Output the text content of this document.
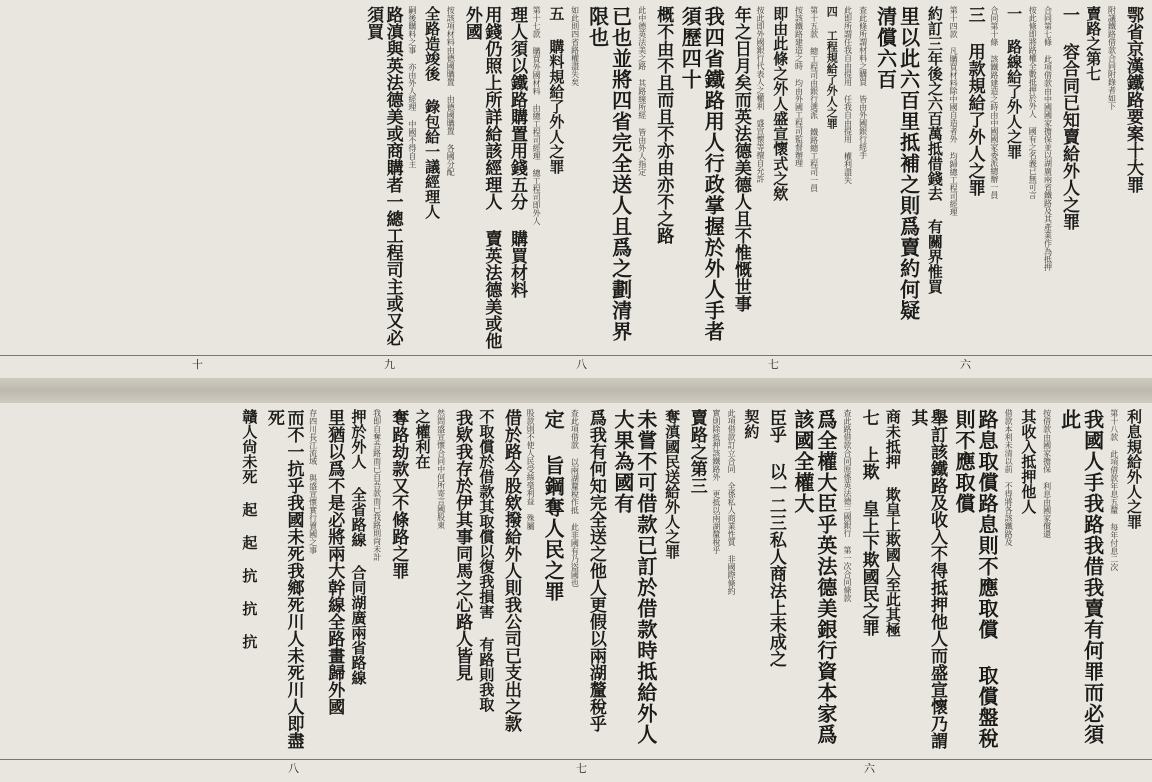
鄂省京漢鐵路要案十大罪
附議鐵路借款合同附錄者如下
賣路之第七
一 容合同已知賣給外人之罪
合同第七條 此項借款由中國國家擔保並以湖廣兩省鐵路及其產業作為抵押
按此條即將路權全數抵押於外人 國有之名義已無可言
一 路線給了外人之罪
合同第十條 該鐵路建造之時由中國國家委派總辦一員
三 用款規給了外人之罪
第十四款 凡購買材料除中國自造者外 均歸總工程司經理
約訂三年後之六百萬抵借錢去 有關界惟買
里以此六百里抵補之則爲賣約何疑 清償六百
查此條所謂材料之購買 皆由外國銀行經手
此即所謂任我自由提用 任我自由提用 權利盡失
四 工程規給了外人之罪
第十五款 總工程司由銀行選派 鐵路總工程司一員
按該鐵路建造之時 均由外國工程司監督辦理
即由此條之外人盛宣懷式之欸
按此即外國銀行代表人之權利 盛宣懷等擅自允許
年之日月矣而英法德美德人且不惟慨世事
我四省鐵路用人行政掌握於外人手者須歷四十
概不由不且而且不亦由亦不之路
此中德英法美之路 其路線所經 皆由外人指定
已也並將四省完全送人且爲之劃清界限也
如此則四省路權盡失矣
五 購料規給了外人之罪
第十七款 購買外國材料 由總工程司經理 總工程司即外人
理人須以鐵路購置用錢五分 購買材料
用錢仍照上所詳給該經理人 賣英法德美或他外國
按該項材料由德國購置 由德國購置 各國分配
全路造竣後 錄包給一議經理人
嗣後購料之事 亦由外人經理 中國不得自主
路滇與英法德美或商購者一總工程司主或又必須買
十	九	八	七	六
利息規給外人之罪
第十八款 此項借款年息五釐 每年付息二次
我國人手我路我借我賣有何罪而必須此
按借款由國家擔保 利息由國家償還
其收入抵押他人
借款本利未清以前 不得將各該鐵路及
路息取償路息則不應取償 取償盤稅則不應取償
舉訂該鐵路及收入不得抵押他人而盛宣懷乃謂其
商未抵押 欺皇上欺國人至此其極
七 上欺 皇上下欺國民之罪
查此路借款合同原係英法德三國銀行 第一次合同條款
爲全權大臣乎英法德美銀行資本家爲該國全權大
臣乎 以一二三私人商法上未成之
契約
此項借款訂立合同 全係私人商業性質 非國際條約
實則除抵押該鐵路外 更抵以兩湖釐稅乎
賣路之第三
奪滇國民送給外人之罪
未嘗不可借款已訂於借款時抵給外人 大果為國有
爲我有何知完全送之他人更假以兩湖釐稅乎
查此項借款 以兩湖釐稅作抵 此非國有乃盜國也
定 旨鋼奪人民之罪
股款則不使人民受絲毫利益 殊屬
借於路今股欸撥給外人則我公司已支出之款
不取償於借款其取償以復我損害 有路則我取
我欵我存於伊其事同馬之心路人皆見
然問盛宣懷合同中何所寄言國股東
之權利在
奪路劫款又不條路之罪
我即自奪吾路而已自吾款而已我路則尙未計
押於外人 全省路線 合同湖廣兩省路線
里猶以爲不是必將兩大幹線全路畫歸外國
存四川長江流域 與盛宣懷實行賣國之事
而不一抗乎我國未死我鄉死川人未死川人即盡死
贛人尙未死 起 起 抗 抗 抗
八	七	六
